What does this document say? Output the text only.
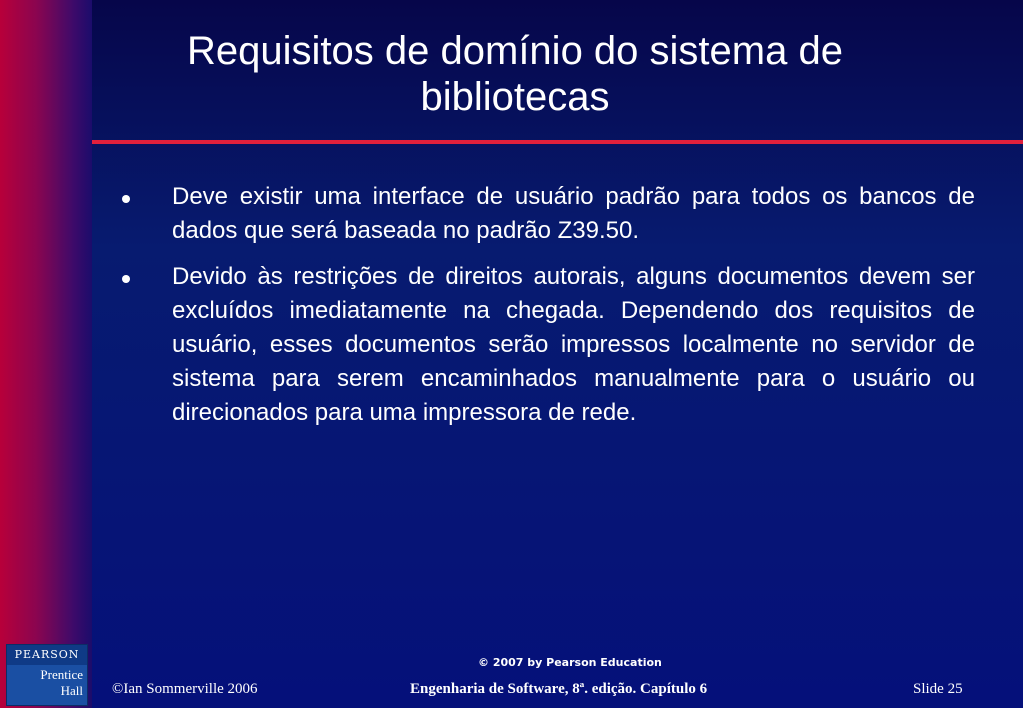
Requisitos de domínio do sistema de bibliotecas
Deve existir uma interface de usuário padrão para todos os bancos de dados que será baseada no padrão Z39.50.
Devido às restrições de direitos autorais, alguns documentos devem ser excluídos imediatamente na chegada. Dependendo dos requisitos de usuário, esses documentos serão impressos localmente no servidor de sistema para serem encaminhados manualmente para o usuário ou direcionados para uma impressora de rede.
© 2007 by Pearson Education
©Ian Sommerville 2006	Engenharia de Software, 8ª. edição. Capítulo 6	Slide 25
PEARSON
Prentice
Hall
